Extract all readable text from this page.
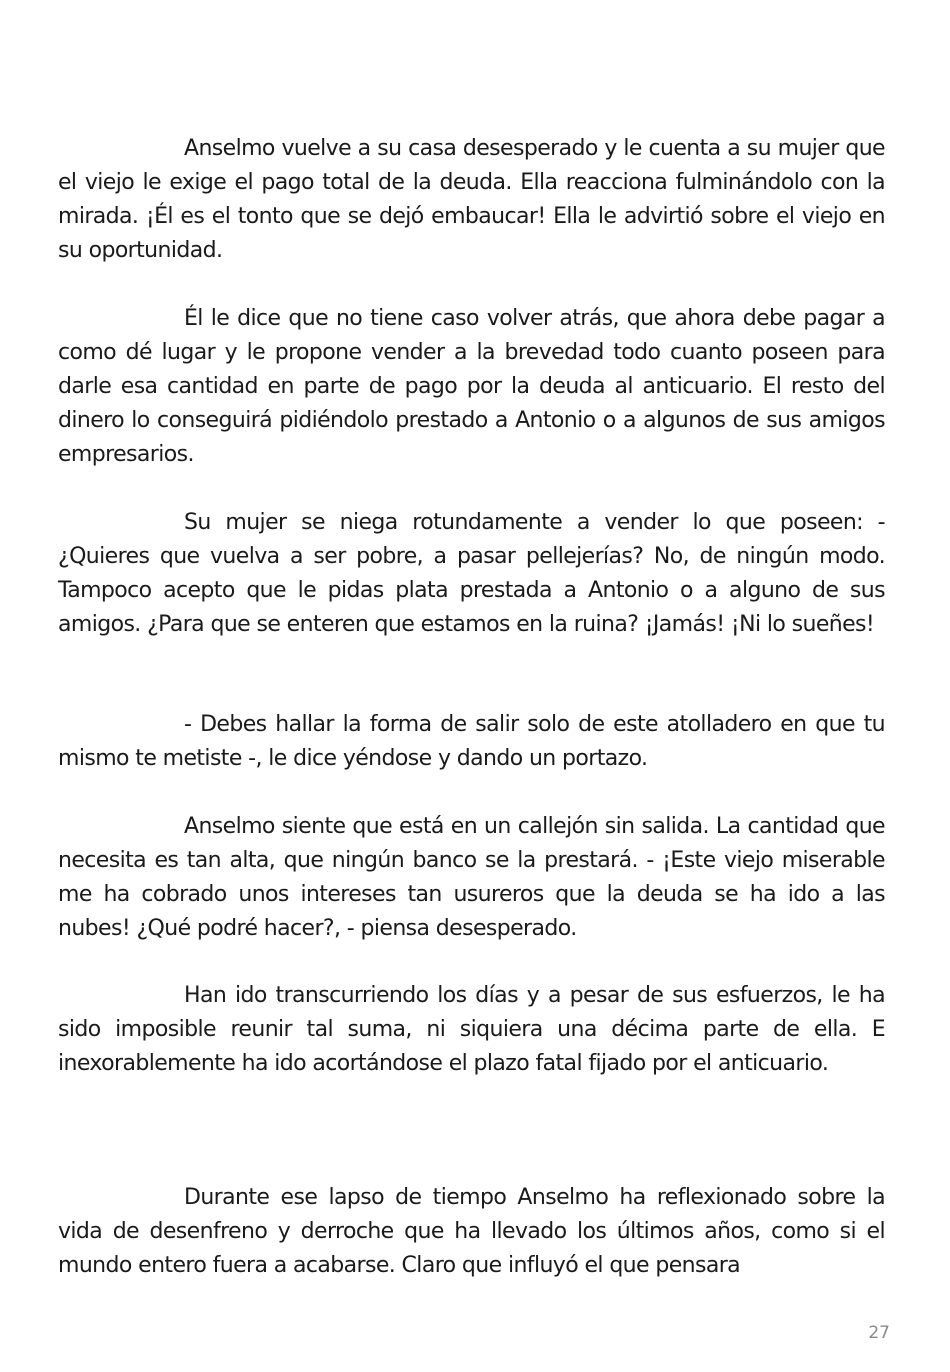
Anselmo vuelve a su casa desesperado y le cuenta a su mujer que el viejo le exige el pago total de la deuda. Ella reacciona fulminándolo con la mirada. ¡Él es el tonto que se dejó embaucar! Ella le advirtió sobre el viejo en su oportunidad.

Él le dice que no tiene caso volver atrás, que ahora debe pagar a como dé lugar y le propone vender a la brevedad todo cuanto poseen para darle esa cantidad en parte de pago por la deuda al anticuario. El resto del dinero lo conseguirá pidiéndolo prestado a Antonio o a algunos de sus amigos empresarios.

Su mujer se niega rotundamente a vender lo que poseen: - ¿Quieres que vuelva a ser pobre, a pasar pellejerías? No, de ningún modo. Tampoco acepto que le pidas plata prestada a Antonio o a alguno de sus amigos. ¿Para que se enteren que estamos en la ruina? ¡Jamás! ¡Ni lo sueñes!

- Debes hallar la forma de salir solo de este atolladero en que tu mismo te metiste -, le dice yéndose y dando un portazo.

Anselmo siente que está en un callejón sin salida. La cantidad que necesita es tan alta, que ningún banco se la prestará. - ¡Este viejo miserable me ha cobrado unos intereses tan usureros que la deuda se ha ido a las nubes! ¿Qué podré hacer?, - piensa desesperado.

Han ido transcurriendo los días y a pesar de sus esfuerzos, le ha sido imposible reunir tal suma, ni siquiera una décima parte de ella. E inexorablemente ha ido acortándose el plazo fatal fijado por el anticuario.

Durante ese lapso de tiempo Anselmo ha reflexionado sobre la vida de desenfreno y derroche que ha llevado los últimos años, como si el mundo entero fuera a acabarse. Claro que influyó el que pensara

27
